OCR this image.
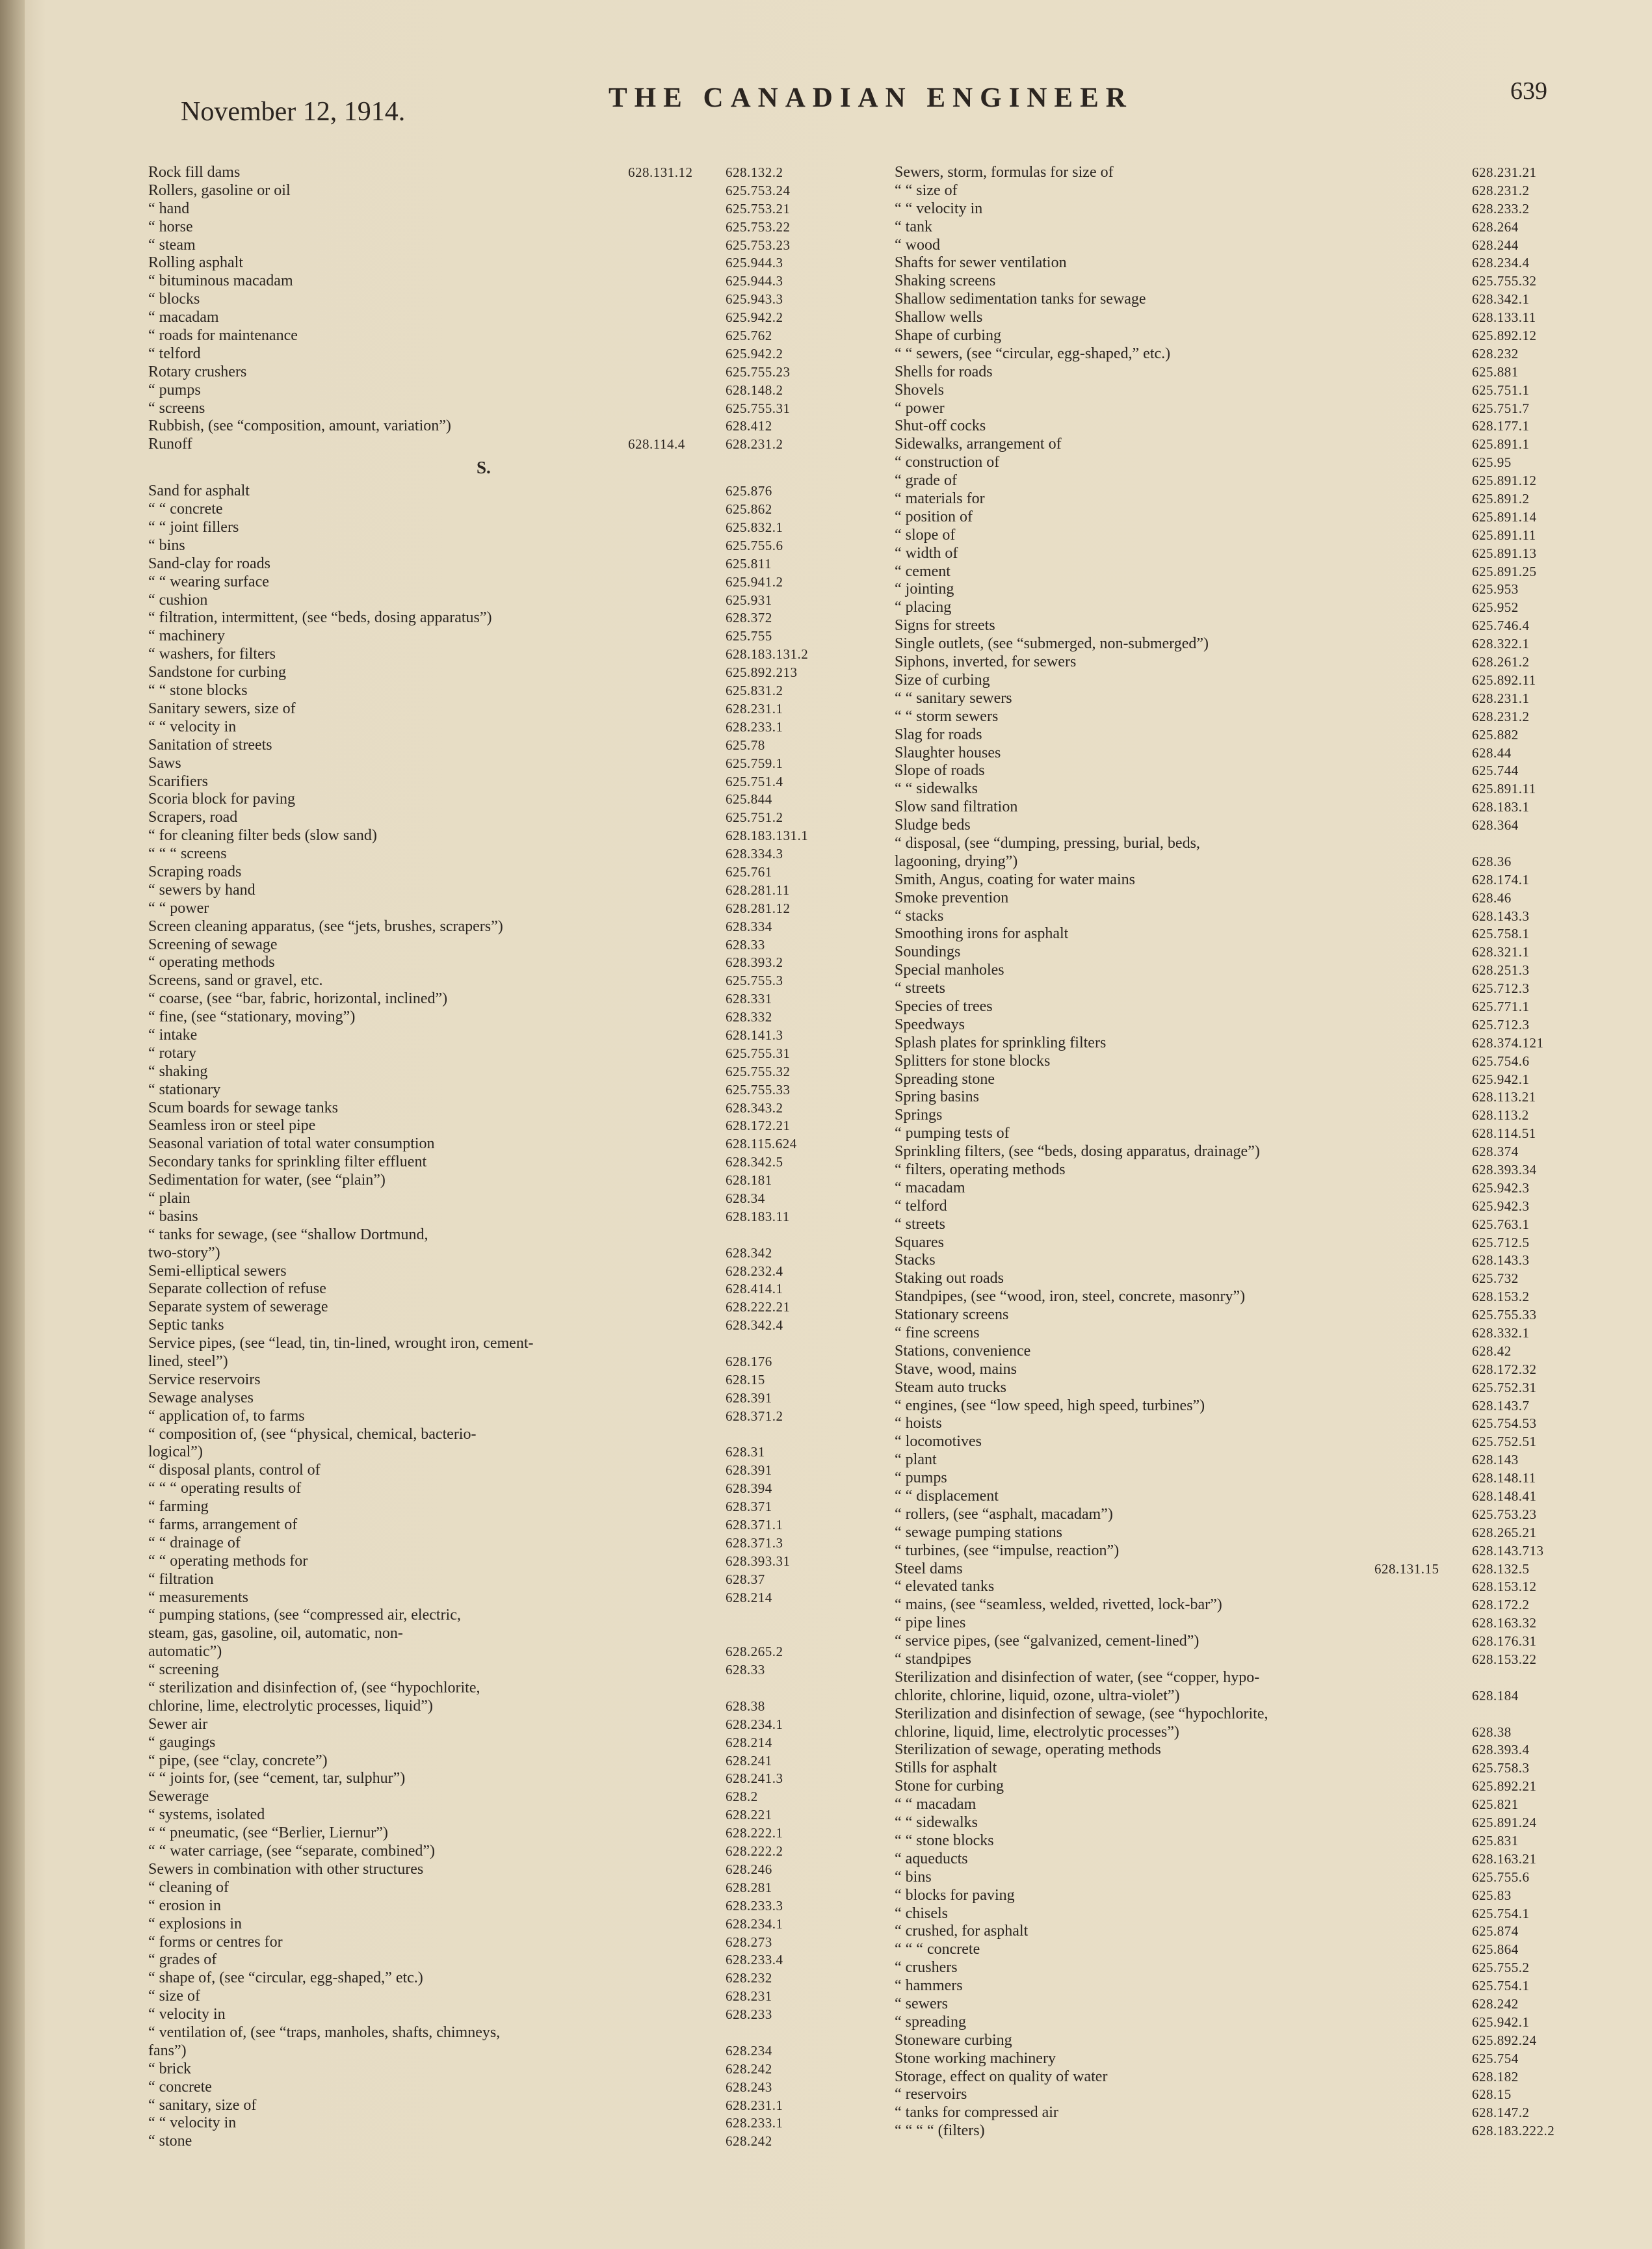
November 12, 1914.	THE CANADIAN ENGINEER	639
Rock fill dams	628.131.12 628.132.2
Rollers, gasoline or oil	625.753.24
“ hand	625.753.21
“ horse	625.753.22
“ steam	625.753.23
Rolling asphalt	625.944.3
“ bituminous macadam	625.944.3
“ blocks	625.943.3
“ macadam	625.942.2
“ roads for maintenance	625.762
“ telford	625.942.2
Rotary crushers	625.755.23
“ pumps	628.148.2
“ screens	625.755.31
Rubbish, (see “composition, amount, variation”)	628.412
Runoff	628.114.4	628.231.2
S.
Sand for asphalt	625.876
“ “ concrete	625.862
“ “ joint fillers	625.832.1
“ bins	625.755.6
Sand-clay for roads	625.811
“ “ wearing surface	625.941.2
“ cushion	625.931
“ filtration, intermittent, (see “beds, dosing apparatus”)	628.372
“ machinery	625.755
“ washers, for filters	628.183.131.2
Sandstone for curbing	625.892.213
“ “ stone blocks	625.831.2
Sanitary sewers, size of	628.231.1
“ “ velocity in	628.233.1
Sanitation of streets	625.78
Saws	625.759.1
Scarifiers	625.751.4
Scoria block for paving	625.844
Scrapers, road	625.751.2
“ for cleaning filter beds (slow sand)	628.183.131.1
“ “ “ screens	628.334.3
Scraping roads	625.761
“ sewers by hand	628.281.11
“ “ power	628.281.12
Screen cleaning apparatus, (see “jets, brushes, scrapers”)	628.334
Screening of sewage	628.33
“ operating methods	628.393.2
Screens, sand or gravel, etc.	625.755.3
“ coarse, (see “bar, fabric, horizontal, inclined”)	628.331
“ fine, (see “stationary, moving”)	628.332
“ intake	628.141.3
“ rotary	625.755.31
“ shaking	625.755.32
“ stationary	625.755.33
Scum boards for sewage tanks	628.343.2
Seamless iron or steel pipe	628.172.21
Seasonal variation of total water consumption	628.115.624
Secondary tanks for sprinkling filter effluent	628.342.5
Sedimentation for water, (see “plain”)	628.181
“ plain	628.34
“ basins	628.183.11
“ tanks for sewage, (see “shallow Dortmund,
two-story”)	628.342
Semi-elliptical sewers	628.232.4
Separate collection of refuse	628.414.1
Separate system of sewerage	628.222.21
Septic tanks	628.342.4
Service pipes, (see “lead, tin, tin-lined, wrought iron, cement-
lined, steel”)	628.176
Service reservoirs	628.15
Sewage analyses	628.391
“ application of, to farms	628.371.2
“ composition of, (see “physical, chemical, bacterio-
logical”)	628.31
“ disposal plants, control of	628.391
“ “ “ operating results of	628.394
“ farming	628.371
“ farms, arrangement of	628.371.1
“ “ drainage of	628.371.3
“ “ operating methods for	628.393.31
“ filtration	628.37
“ measurements	628.214
“ pumping stations, (see “compressed air, electric,
steam, gas, gasoline, oil, automatic, non-
automatic”)	628.265.2
“ screening	628.33
“ sterilization and disinfection of, (see “hypochlorite,
chlorine, lime, electrolytic processes, liquid”)	628.38
Sewer air	628.234.1
“ gaugings	628.214
“ pipe, (see “clay, concrete”)	628.241
“ “ joints for, (see “cement, tar, sulphur”)	628.241.3
Sewerage	628.2
“ systems, isolated	628.221
“ “ pneumatic, (see “Berlier, Liernur”)	628.222.1
“ “ water carriage, (see “separate, combined”)	628.222.2
Sewers in combination with other structures	628.246
“ cleaning of	628.281
“ erosion in	628.233.3
“ explosions in	628.234.1
“ forms or centres for	628.273
“ grades of	628.233.4
“ shape of, (see “circular, egg-shaped,” etc.)	628.232
“ size of	628.231
“ velocity in	628.233
“ ventilation of, (see “traps, manholes, shafts, chimneys,
fans”)	628.234
“ brick	628.242
“ concrete	628.243
“ sanitary, size of	628.231.1
“ “ velocity in	628.233.1
“ stone	628.242
Sewers, storm, formulas for size of	628.231.21
“ “ size of	628.231.2
“ “ velocity in	628.233.2
“ tank	628.264
“ wood	628.244
Shafts for sewer ventilation	628.234.4
Shaking screens	625.755.32
Shallow sedimentation tanks for sewage	628.342.1
Shallow wells	628.133.11
Shape of curbing	625.892.12
“ “ sewers, (see “circular, egg-shaped,” etc.)	628.232
Shells for roads	625.881
Shovels	625.751.1
“ power	625.751.7
Shut-off cocks	628.177.1
Sidewalks, arrangement of	625.891.1
“ construction of	625.95
“ grade of	625.891.12
“ materials for	625.891.2
“ position of	625.891.14
“ slope of	625.891.11
“ width of	625.891.13
“ cement	625.891.25
“ jointing	625.953
“ placing	625.952
Signs for streets	625.746.4
Single outlets, (see “submerged, non-submerged”)	628.322.1
Siphons, inverted, for sewers	628.261.2
Size of curbing	625.892.11
“ “ sanitary sewers	628.231.1
“ “ storm sewers	628.231.2
Slag for roads	625.882
Slaughter houses	628.44
Slope of roads	625.744
“ “ sidewalks	625.891.11
Slow sand filtration	628.183.1
Sludge beds	628.364
“ disposal, (see “dumping, pressing, burial, beds,
lagooning, drying”)	628.36
Smith, Angus, coating for water mains	628.174.1
Smoke prevention	628.46
“ stacks	628.143.3
Smoothing irons for asphalt	625.758.1
Soundings	628.321.1
Special manholes	628.251.3
“ streets	625.712.3
Species of trees	625.771.1
Speedways	625.712.3
Splash plates for sprinkling filters	628.374.121
Splitters for stone blocks	625.754.6
Spreading stone	625.942.1
Spring basins	628.113.21
Springs	628.113.2
“ pumping tests of	628.114.51
Sprinkling filters, (see “beds, dosing apparatus, drainage”)	628.374
“ filters, operating methods	628.393.34
“ macadam	625.942.3
“ telford	625.942.3
“ streets	625.763.1
Squares	625.712.5
Stacks	628.143.3
Staking out roads	625.732
Standpipes, (see “wood, iron, steel, concrete, masonry”)	628.153.2
Stationary screens	625.755.33
“ fine screens	628.332.1
Stations, convenience	628.42
Stave, wood, mains	628.172.32
Steam auto trucks	625.752.31
“ engines, (see “low speed, high speed, turbines”)	628.143.7
“ hoists	625.754.53
“ locomotives	625.752.51
“ plant	628.143
“ pumps	628.148.11
“ “ displacement	628.148.41
“ rollers, (see “asphalt, macadam”)	625.753.23
“ sewage pumping stations	628.265.21
“ turbines, (see “impulse, reaction”)	628.143.713
Steel dams	628.131.15 628.132.5
“ elevated tanks	628.153.12
“ mains, (see “seamless, welded, rivetted, lock-bar”)	628.172.2
“ pipe lines	628.163.32
“ service pipes, (see “galvanized, cement-lined”)	628.176.31
“ standpipes	628.153.22
Sterilization and disinfection of water, (see “copper, hypo-
chlorite, chlorine, liquid, ozone, ultra-violet”)	628.184
Sterilization and disinfection of sewage, (see “hypochlorite,
chlorine, liquid, lime, electrolytic processes”)	628.38
Sterilization of sewage, operating methods	628.393.4
Stills for asphalt	625.758.3
Stone for curbing	625.892.21
“ “ macadam	625.821
“ “ sidewalks	625.891.24
“ “ stone blocks	625.831
“ aqueducts	628.163.21
“ bins	625.755.6
“ blocks for paving	625.83
“ chisels	625.754.1
“ crushed, for asphalt	625.874
“ “ “ concrete	625.864
“ crushers	625.755.2
“ hammers	625.754.1
“ sewers	628.242
“ spreading	625.942.1
Stoneware curbing	625.892.24
Stone working machinery	625.754
Storage, effect on quality of water	628.182
“ reservoirs	628.15
“ tanks for compressed air	628.147.2
“ “ “ “ (filters)	628.183.222.2
